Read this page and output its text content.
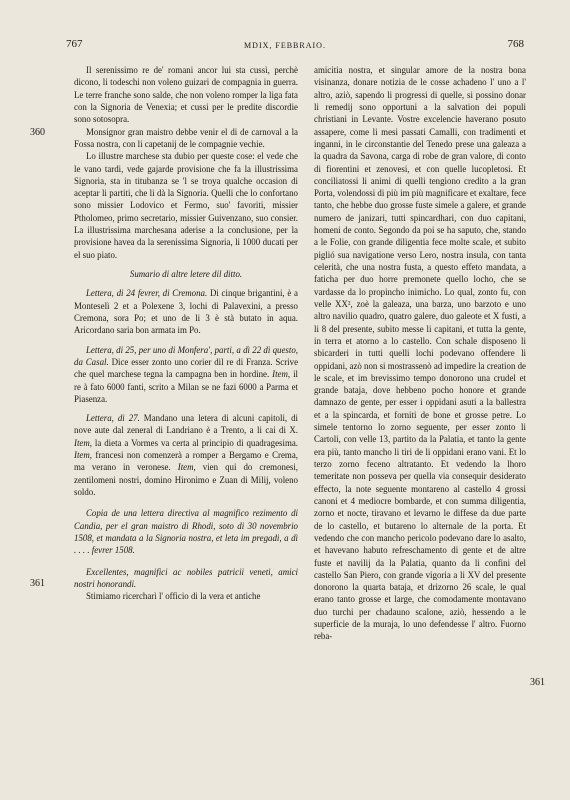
767	MDIX, FEBBRAIO.	768
360
361
361

Il serenissimo re de' romani ancor lui sta cussì, perchè dicono, li todeschi non voleno guizari de compagnia in guerra. Le terre franche sono salde, che non voleno romper la liga fata con la Signoria de Venexia; et cussi per le predite discordie sono sotosopra.

Monsignor gran maistro debbe venir el di de carnoval a la Fossa nostra, con li capetanij de le compagnie vechie.

Lo illustre marchese sta dubio per queste cose: el vede che le vano tardi, vede gajarde provisione che fa la illustrissima Signoria, sta in titubanza se 'l se troya qualche occasion di aceptar li partiti, che li dà la Signoria. Quelli che lo confortano sono missier Lodovico et Fermo, suo' favoriti, missier Ptholomeo, primo secretario, missier Guivenzano, suo consier. La illustrissima marchesana aderise a la conclusione, per la provisione havea da la serenissima Signoria, li 1000 ducati per el suo piato.

Sumario di altre letere dil ditto.

Lettera, di 24 fevrer, di Cremona. Di cinque brigantini, è a Monteselì 2 et a Polexene 3, lochi di Palavexini, a presso Cremona, sora Po; et uno de li 3 è stà butato in aqua. Aricordano saria bon armata im Po.

Lettera, di 25, per uno di Monfera', parti, a dì 22 di questo, da Casal. Dice esser zonto uno corier dil re di Franza. Scrive che quel marchese tegna la campagna ben in hordine. Item, il re à fato 6000 fanti, scrito a Milan se ne fazi 6000 a Parma et Piasenza.

Lettera, di 27. Mandano una letera di alcuni capitoli, di nove aute dal zeneral di Landriano è a Trento, a li cai di X. Item, la dieta a Vormes va certa al principio di quadragesima. Item, francesi non comenzerà a romper a Bergamo e Crema, ma verano in veronese. Item, vien qui do cremonesi, zentilomeni nostri, domino Hironimo e Zuan di Milij, voleno soldo.

Copia de una lettera directiva al magnifico rezimento di Candia, per el gran maistro di Rhodi, soto di 30 novembrio 1508, et mandata a la Signoria nostra, et leta im pregadi, a dì . . . . fevrer 1508.

Excellentes, magnifici ac nobiles patricii veneti, amici nostri honorandi.

Stimiamo ricercharì l' officio di la vera et antiche

amicitia nostra, et singular amore de la nostra bona visinanza, donare notizia de le cosse achadeno l' uno a l' altro, aziò, sapendo li progressi di quelle, si possino donar li remedij sono opportuni a la salvation dei populi christiani in Levante. Vostre excelencie haverano posuto assapere, come li mesi passati Camalli, con tradimenti et inganni, in le circonstantie del Tenedo prese una galeaza a la quadra da Savona, carga di robe de gran valore, di conto di fiorentini et zenovesi, et con quelle lucopletosi. Et conciliatossi li animi di quelli tengiono credito a la gran Porta, volendossi di più im più magnificare et exaltare, fece tanto, che hebbe duo grosse fuste simele a galere, et grande numero de janizari, tutti spincardhari, con duo capitani, homeni de conto. Segondo da poi se ha saputo, che, stando a le Folie, con grande diligentia fece molte scale, et subito piglió sua navigatione verso Lero, nostra insula, con tanta celerità, che una nostra fusta, a questo effeto mandata, a faticha per duo horre premonete quello locho, che se vardasse da lo propincho inimicho. Lo qual, zonto fu, con velle XX², zoè la galeaza, una barza, uno barzoto e uno altro navilio quadro, quatro galere, duo galeote et X fusti, a li 8 del presente, subito messe li capitani, et tutta la gente, in terra et atorno a lo castello. Con schale disposeno li sbicarderi in tutti quelli lochi podevano offendere li oppidani, azò non si mostrassenò ad impedire la creation de le scale, et im brevissimo tempo donorono una crudel et grande bataja, dove hebbeno pocho honore et grande damnazo de gente, per esser i oppidani asuti a la ballestra et a la spincarda, et forniti de bone et grosse petre. Lo simele tentorno lo zorno seguente, per esser zonto li Cartoli, con velle 13, partito da la Palatia, et tanto la gente era più, tanto mancho li tiri de li oppidani erano vani. Et lo terzo zorno feceno altratanto. Et vedendo la lhoro temeritate non posseva per quella via consequir desiderato effecto, la note seguente montareno al castello 4 grossi canoni et 4 mediocre bombarde, et con summa diligentia, zorno et nocte, tiravano et levarno le diffese da due parte de lo castello, et butareno lo alternale de la porta. Et vedendo che con mancho pericolo podevano dare lo asalto, et havevano habuto refreschamento di gente et de altre fuste et navilij da la Palatia, quanto da li confini del castello San Piero, con grande vigoria a li XV del presente donorono la quarta bataja, et drizorno 26 scale, le qual erano tanto grosse et large, che comodamente montavano duo turchi per chadauno scalone, aziò, hessendo a le superficie de la muraja, lo uno defendesse l' altro. Fuorno reba-
